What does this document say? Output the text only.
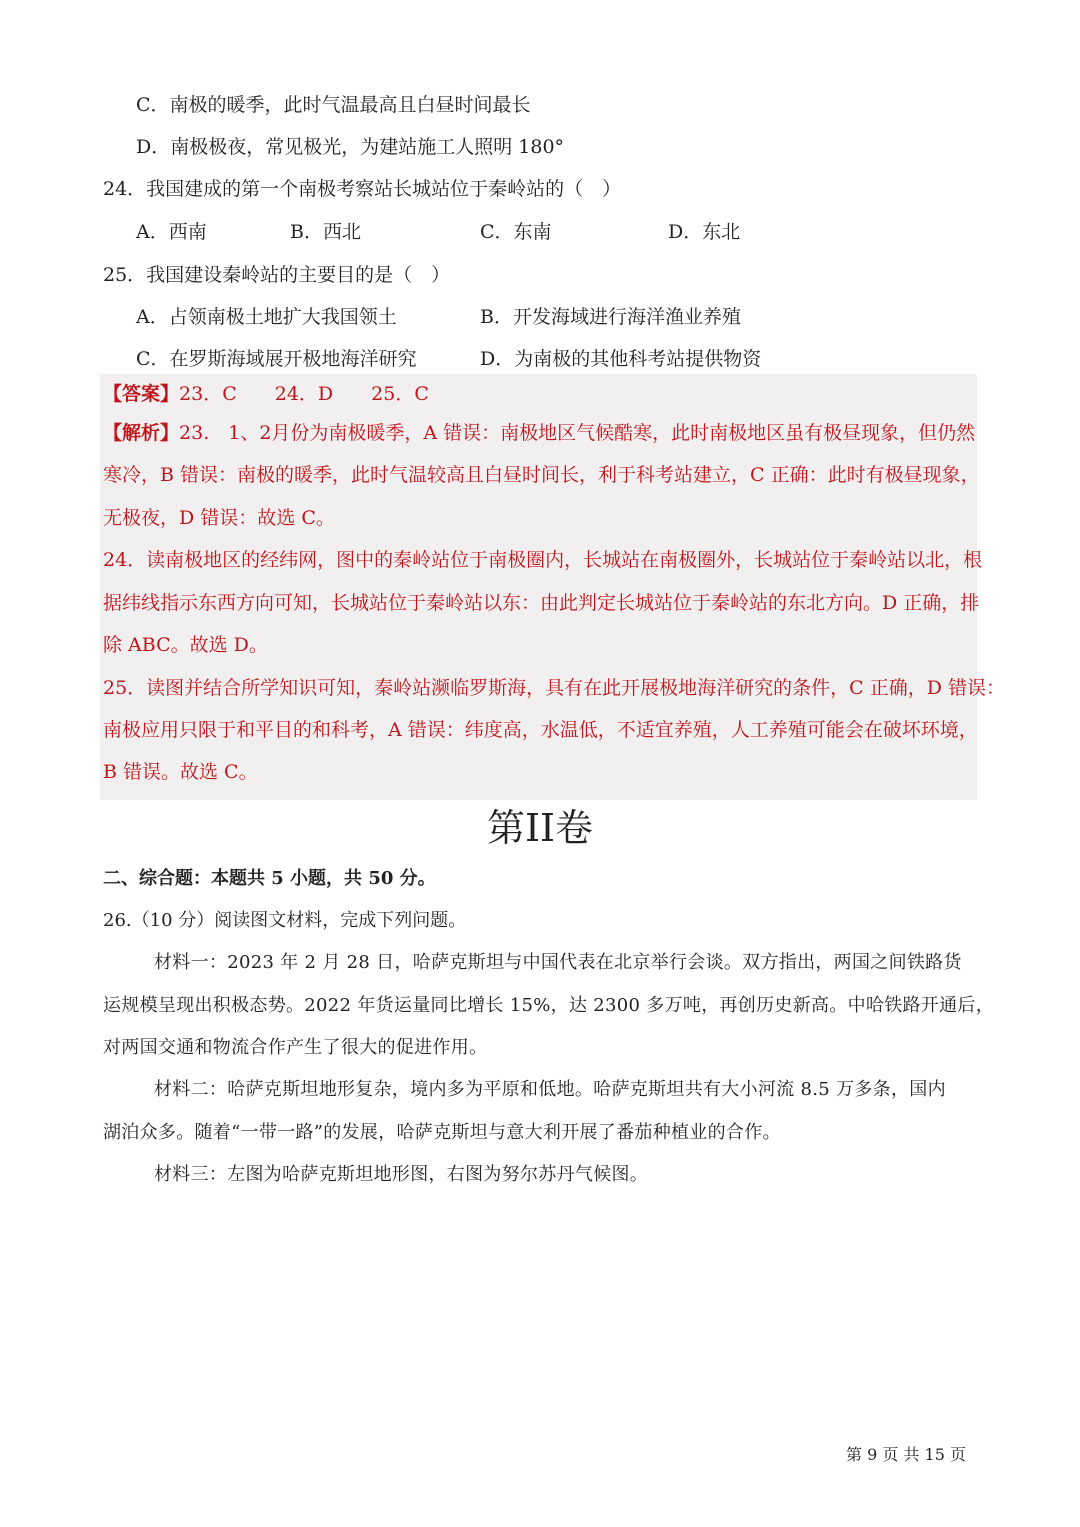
C．南极的暖季，此时气温最高且白昼时间最长
D．南极极夜，常见极光，为建站施工人照明 180°
24．我国建成的第一个南极考察站长城站位于秦岭站的（　）
A．西南	B．西北	C．东南	D．东北
25．我国建设秦岭站的主要目的是（　）
A．占领南极土地扩大我国领土	B．开发海域进行海洋渔业养殖
C．在罗斯海域展开极地海洋研究	D．为南极的其他科考站提供物资
【答案】23．C　　24．D　　25．C
【解析】23.　1、2月份为南极暖季，A 错误：南极地区气候酷寒，此时南极地区虽有极昼现象，但仍然
寒冷，B 错误：南极的暖季，此时气温较高且白昼时间长，利于科考站建立，C 正确：此时有极昼现象，
无极夜，D 错误：故选 C。
24．读南极地区的经纬网，图中的秦岭站位于南极圈内，长城站在南极圈外，长城站位于秦岭站以北，根
据纬线指示东西方向可知，长城站位于秦岭站以东：由此判定长城站位于秦岭站的东北方向。D 正确，排
除 ABC。故选 D。
25．读图并结合所学知识可知，秦岭站濒临罗斯海，具有在此开展极地海洋研究的条件，C 正确，D 错误：
南极应用只限于和平目的和科考，A 错误：纬度高，水温低，不适宜养殖，人工养殖可能会在破坏环境，
B 错误。故选 C。
第II卷
二、综合题：本题共 5 小题，共 50 分。
26.（10 分）阅读图文材料，完成下列问题。
材料一：2023 年 2 月 28 日，哈萨克斯坦与中国代表在北京举行会谈。双方指出，两国之间铁路货
运规模呈现出积极态势。2022 年货运量同比增长 15%，达 2300 多万吨，再创历史新高。中哈铁路开通后，
对两国交通和物流合作产生了很大的促进作用。
材料二：哈萨克斯坦地形复杂，境内多为平原和低地。哈萨克斯坦共有大小河流 8.5 万多条，国内
湖泊众多。随着“一带一路”的发展，哈萨克斯坦与意大利开展了番茄种植业的合作。
材料三：左图为哈萨克斯坦地形图，右图为努尔苏丹气候图。
第 9 页 共 15 页
